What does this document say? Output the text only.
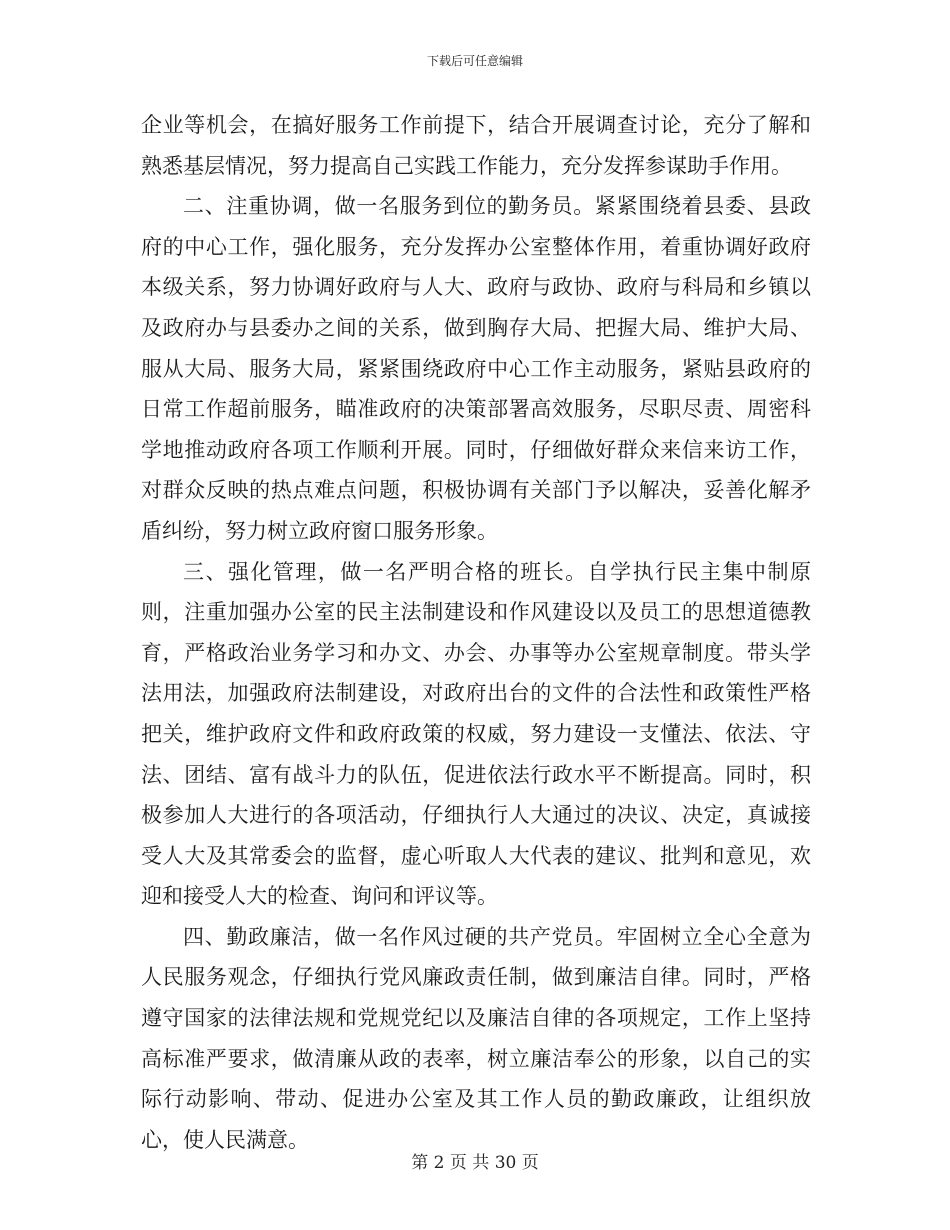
下载后可任意编辑

企业等机会，在搞好服务工作前提下，结合开展调查讨论，充分了解和熟悉基层情况，努力提高自己实践工作能力，充分发挥参谋助手作用。

二、注重协调，做一名服务到位的勤务员。紧紧围绕着县委、县政府的中心工作，强化服务，充分发挥办公室整体作用，着重协调好政府本级关系，努力协调好政府与人大、政府与政协、政府与科局和乡镇以及政府办与县委办之间的关系，做到胸存大局、把握大局、维护大局、服从大局、服务大局，紧紧围绕政府中心工作主动服务，紧贴县政府的日常工作超前服务，瞄准政府的决策部署高效服务，尽职尽责、周密科学地推动政府各项工作顺利开展。同时，仔细做好群众来信来访工作，对群众反映的热点难点问题，积极协调有关部门予以解决，妥善化解矛盾纠纷，努力树立政府窗口服务形象。

三、强化管理，做一名严明合格的班长。自学执行民主集中制原则，注重加强办公室的民主法制建设和作风建设以及员工的思想道德教育，严格政治业务学习和办文、办会、办事等办公室规章制度。带头学法用法，加强政府法制建设，对政府出台的文件的合法性和政策性严格把关，维护政府文件和政府政策的权威，努力建设一支懂法、依法、守法、团结、富有战斗力的队伍，促进依法行政水平不断提高。同时，积极参加人大进行的各项活动，仔细执行人大通过的决议、决定，真诚接受人大及其常委会的监督，虚心听取人大代表的建议、批判和意见，欢迎和接受人大的检查、询问和评议等。

四、勤政廉洁，做一名作风过硬的共产党员。牢固树立全心全意为人民服务观念，仔细执行党风廉政责任制，做到廉洁自律。同时，严格遵守国家的法律法规和党规党纪以及廉洁自律的各项规定，工作上坚持高标准严要求，做清廉从政的表率，树立廉洁奉公的形象，以自己的实际行动影响、带动、促进办公室及其工作人员的勤政廉政，让组织放心，使人民满意。

第 2 页 共 30 页
